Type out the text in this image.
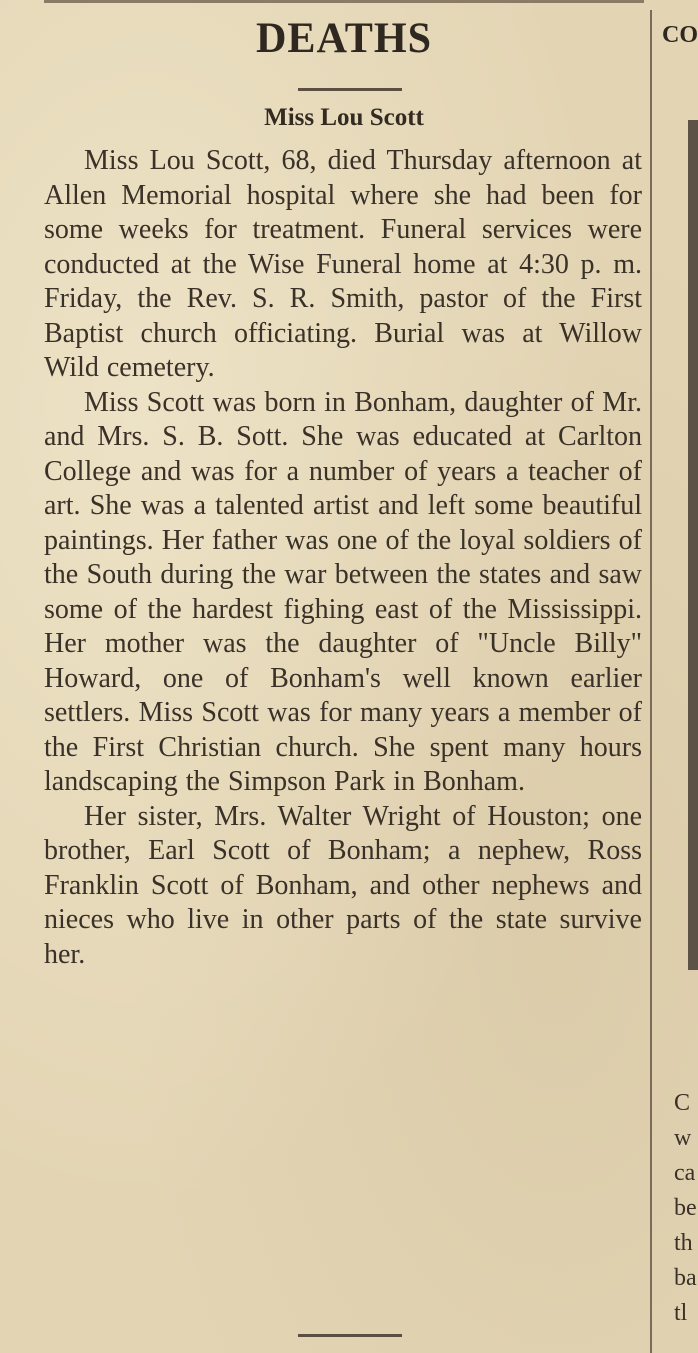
DEATHS
Miss Lou Scott

Miss Lou Scott, 68, died Thursday afternoon at Allen Memorial hospital where she had been for some weeks for treatment. Funeral services were conducted at the Wise Funeral home at 4:30 p. m. Friday, the Rev. S. R. Smith, pastor of the First Baptist church officiating. Burial was at Willow Wild cemetery.

Miss Scott was born in Bonham, daughter of Mr. and Mrs. S. B. Sott. She was educated at Carlton College and was for a number of years a teacher of art. She was a talented artist and left some beautiful paintings. Her father was one of the loyal soldiers of the South during the war between the states and saw some of the hardest fighing east of the Mississippi. Her mother was the daughter of "Uncle Billy" Howard, one of Bonham's well known earlier settlers. Miss Scott was for many years a member of the First Christian church. She spent many hours landscaping the Simpson Park in Bonham.

Her sister, Mrs. Walter Wright of Houston; one brother, Earl Scott of Bonham; a nephew, Ross Franklin Scott of Bonham, and other nephews and nieces who live in other parts of the state survive her.

CO
C
w
ca
be
th
ba
tl
